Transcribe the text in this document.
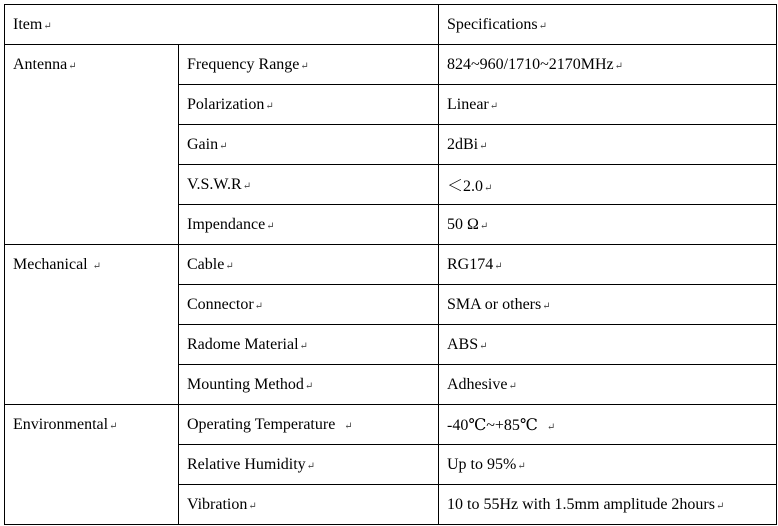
Item↵		Specifications↵
Antenna↵	Frequency Range↵	824~960/1710~2170MHz↵
	Polarization↵	Linear↵
	Gain↵	2dBi↵
	V.S.W.R↵	＜2.0↵
	Impendance↵	50 Ω↵
Mechanical ↵	Cable↵	RG174↵
	Connector↵	SMA or others↵
	Radome Material↵	ABS↵
	Mounting Method↵	Adhesive↵
Environmental↵	Operating Temperature ↵	-40℃~+85℃ ↵
	Relative Humidity↵	Up to 95%↵
	Vibration↵	10 to 55Hz with 1.5mm amplitude 2hours↵
